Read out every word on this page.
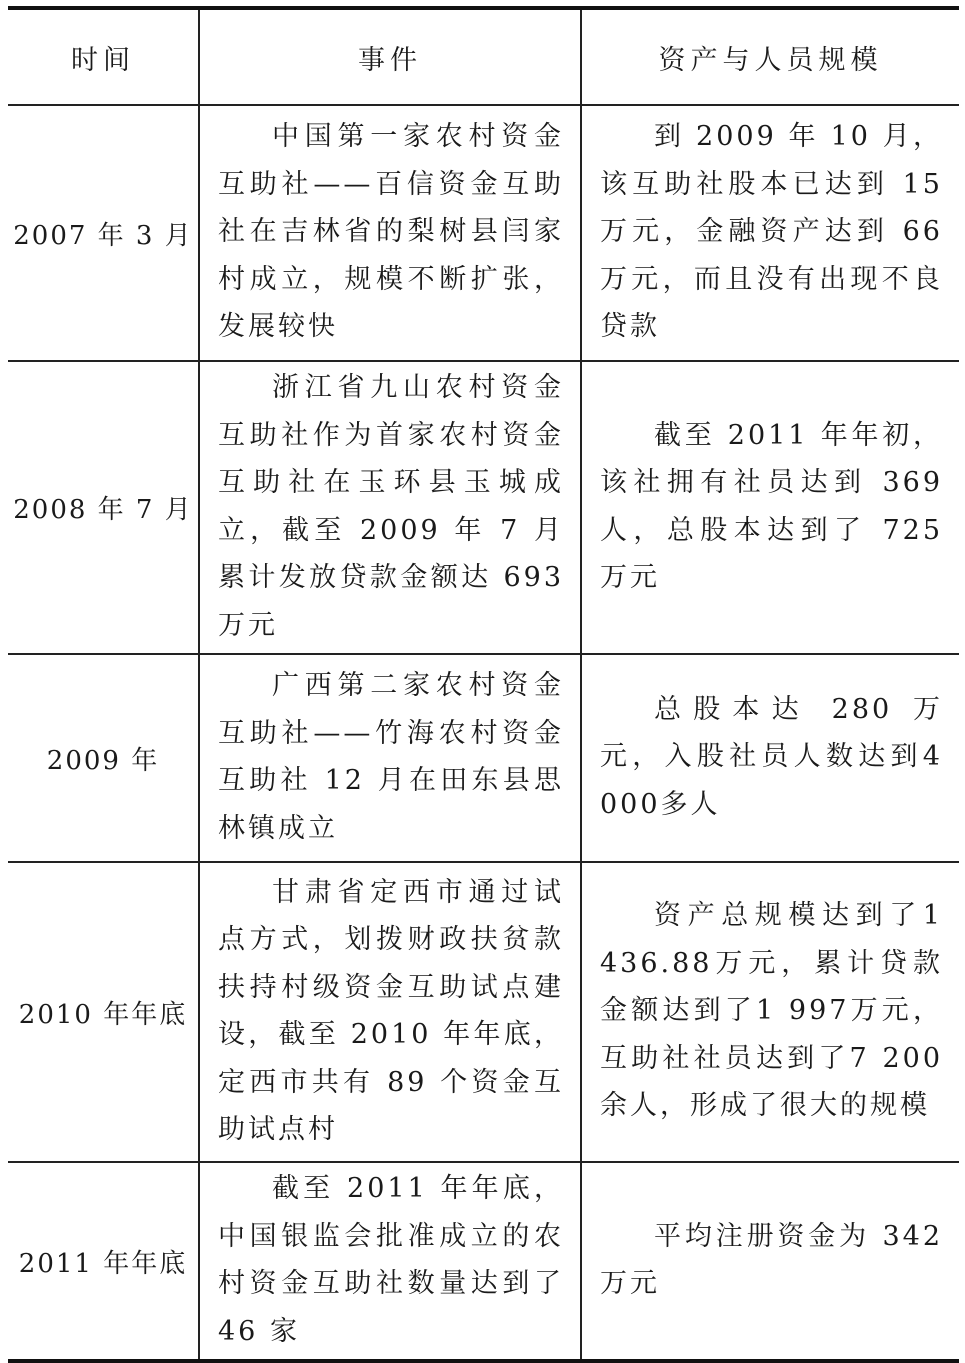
时间	事件	资产与人员规模
2007 年 3 月	中国第一家农村资金互助社——百信资金互助社在吉林省的梨树县闫家村成立，规模不断扩张，发展较快	到 2009 年 10 月，该互助社股本已达到 15 万元，金融资产达到 66 万元，而且没有出现不良贷款
2008 年 7 月	浙江省九山农村资金互助社作为首家农村资金互助社在玉环县玉城成立，截至 2009 年 7 月累计发放贷款金额达 693 万元	截至 2011 年年初，该社拥有社员达到 369 人，总股本达到了 725 万元
2009 年	广西第二家农村资金互助社——竹海农村资金互助社 12 月在田东县思林镇成立	总股本达 280 万元，入股社员人数达到4 000多人
2010 年年底	甘肃省定西市通过试点方式，划拨财政扶贫款扶持村级资金互助试点建设，截至 2010 年年底，定西市共有 89 个资金互助试点村	资产总规模达到了1 436.88万元，累计贷款金额达到了1 997万元，互助社社员达到了7 200余人，形成了很大的规模
2011 年年底	截至 2011 年年底，中国银监会批准成立的农村资金互助社数量达到了 46 家	平均注册资金为 342 万元
